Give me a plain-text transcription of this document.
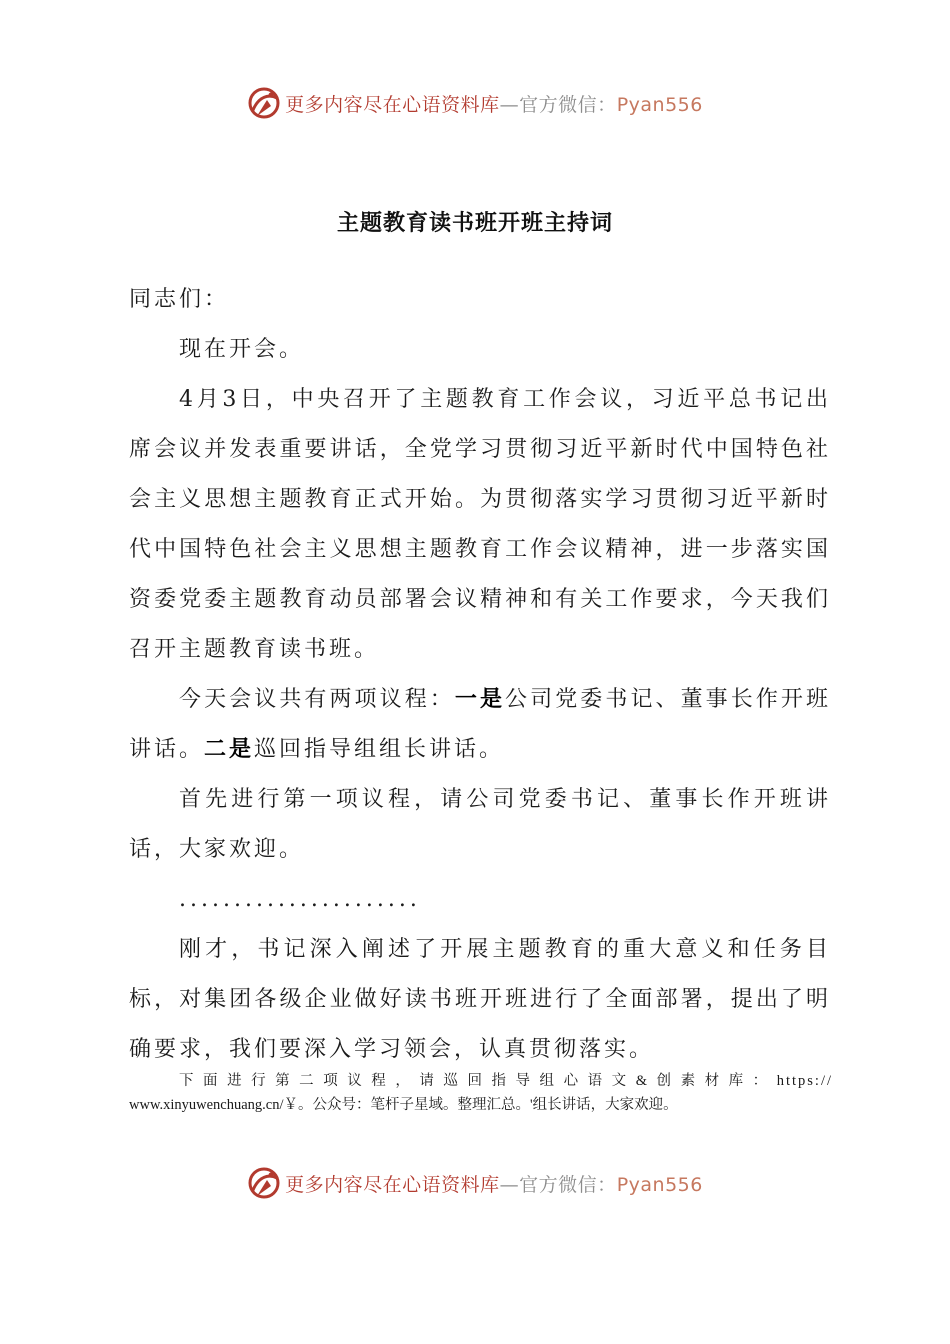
更多内容尽在心语资料库—官方微信：Pyan556
主题教育读书班开班主持词

同志们：

现在开会。

4月3日，中央召开了主题教育工作会议，习近平总书记出席会议并发表重要讲话，全党学习贯彻习近平新时代中国特色社会主义思想主题教育正式开始。为贯彻落实学习贯彻习近平新时代中国特色社会主义思想主题教育工作会议精神，进一步落实国资委党委主题教育动员部署会议精神和有关工作要求，今天我们召开主题教育读书班。

今天会议共有两项议程：一是公司党委书记、董事长作开班讲话。二是巡回指导组组长讲话。

首先进行第一项议程，请公司党委书记、董事长作开班讲话，大家欢迎。

......................

刚才，书记深入阐述了开展主题教育的重大意义和任务目标，对集团各级企业做好读书班开班进行了全面部署，提出了明确要求，我们要深入学习领会，认真贯彻落实。

下面进行第二项议程，请巡回指导组心语文&创素材库：https://
www.xinyuwenchuang.cn/￥。公众号：笔杆子星域。整理汇总。'组长讲话，大家欢迎。
更多内容尽在心语资料库—官方微信：Pyan556
